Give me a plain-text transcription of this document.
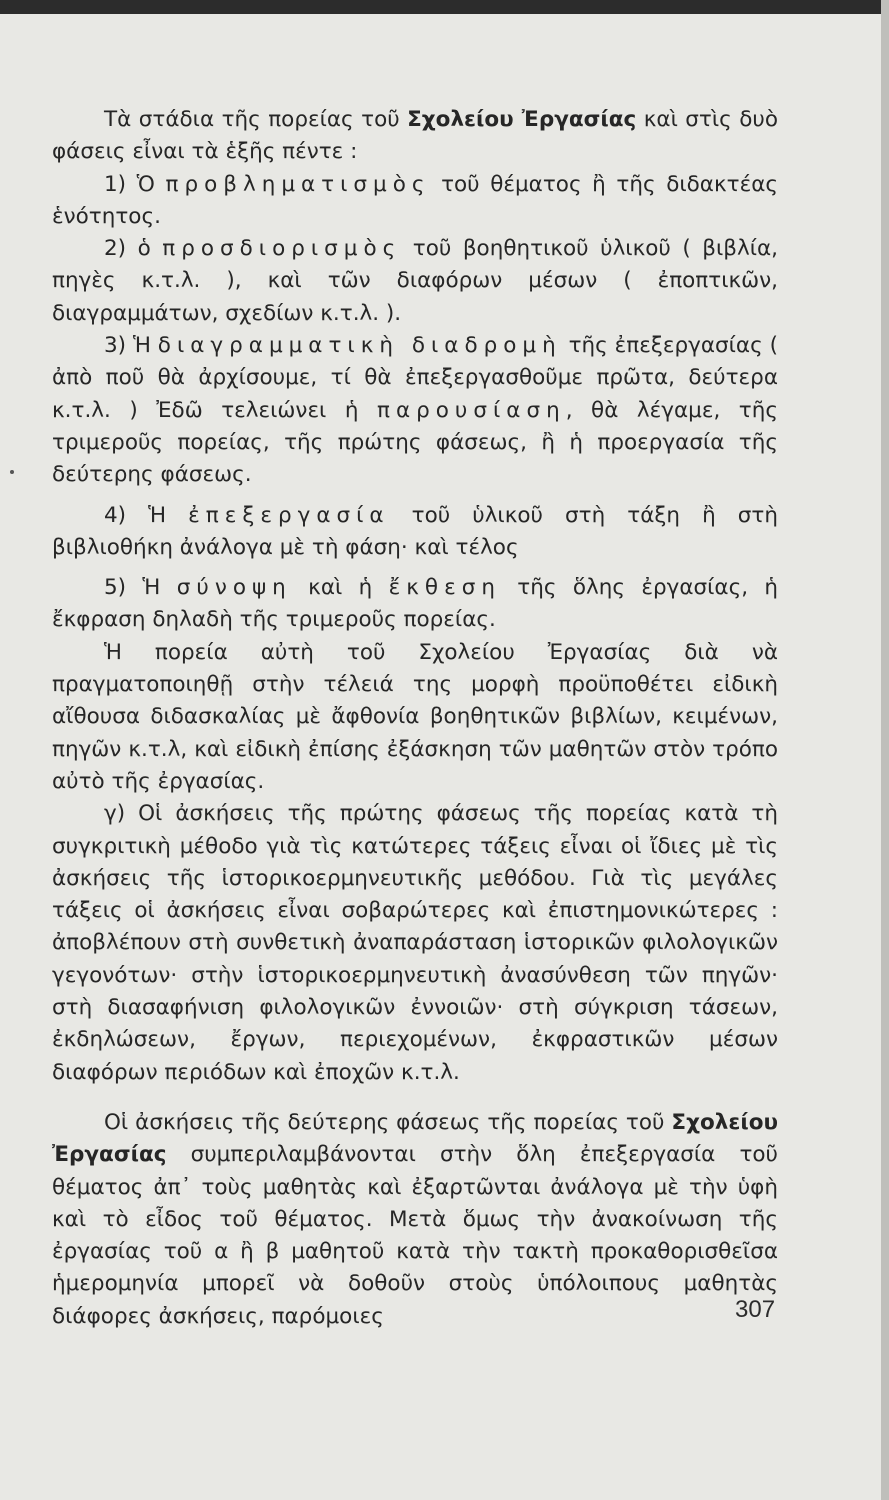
Τὰ στάδια τῆς πορείας τοῦ Σχολείου Ἐργασίας καὶ στὶς δυὸ φάσεις εἶναι τὰ ἑξῆς πέντε :

1) Ὁ προβληματισμὸς τοῦ θέματος ἢ τῆς διδακτέας ἑνότητος.

2) ὁ προσδιορισμὸς τοῦ βοηθητικοῦ ὑλικοῦ ( βιβλία, πηγὲς κ.τ.λ. ), καὶ τῶν διαφόρων μέσων ( ἐποπτικῶν, διαγραμμάτων, σχεδίων κ.τ.λ. ).

3) Ἡ διαγραμματικὴ διαδρομὴ τῆς ἐπεξεργασίας ( ἀπὸ ποῦ θὰ ἀρχίσουμε, τί θὰ ἐπεξεργασθοῦμε πρῶτα, δεύτερα κ.τ.λ. ) Ἐδῶ τελειώνει ἡ παρουσίαση, θὰ λέγαμε, τῆς τριμεροῦς πορείας, τῆς πρώτης φάσεως, ἢ ἡ προεργασία τῆς δεύτερης φάσεως.

4) Ἡ ἐπεξεργασία τοῦ ὑλικοῦ στὴ τάξη ἢ στὴ βιβλιοθήκη ἀνάλογα μὲ τὴ φάση· καὶ τέλος

5) Ἡ σύνοψη καὶ ἡ ἔκθεση τῆς ὅλης ἐργασίας, ἡ ἔκφραση δηλαδὴ τῆς τριμεροῦς πορείας.

Ἡ πορεία αὐτὴ τοῦ Σχολείου Ἐργασίας διὰ νὰ πραγματοποιηθῇ στὴν τέλειά της μορφὴ προϋποθέτει εἰδικὴ αἴθουσα διδασκαλίας μὲ ἄφθονία βοηθητικῶν βιβλίων, κειμένων, πηγῶν κ.τ.λ, καὶ εἰδικὴ ἐπίσης ἐξάσκηση τῶν μαθητῶν στὸν τρόπο αὐτὸ τῆς ἐργασίας.

γ) Οἱ ἀσκήσεις τῆς πρώτης φάσεως τῆς πορείας κατὰ τὴ συγκριτικὴ μέθοδο γιὰ τὶς κατώτερες τάξεις εἶναι οἱ ἴδιες μὲ τὶς ἀσκήσεις τῆς ἱστορικοερμηνευτικῆς μεθόδου. Γιὰ τὶς μεγάλες τάξεις οἱ ἀσκήσεις εἶναι σοβαρώτερες καὶ ἐπιστημονικώτερες : ἀποβλέπουν στὴ συνθετικὴ ἀναπαράσταση ἱστορικῶν φιλολογικῶν γεγονότων· στὴν ἱστορικοερμηνευτικὴ ἀνασύνθεση τῶν πηγῶν· στὴ διασαφήνιση φιλολογικῶν ἐννοιῶν· στὴ σύγκριση τάσεων, ἐκδηλώσεων, ἔργων, περιεχομένων, ἐκφραστικῶν μέσων διαφόρων περιόδων καὶ ἐποχῶν κ.τ.λ.

Οἱ ἀσκήσεις τῆς δεύτερης φάσεως τῆς πορείας τοῦ Σχολείου Ἐργασίας συμπεριλαμβάνονται στὴν ὅλη ἐπεξεργασία τοῦ θέματος ἀπ᾿ τοὺς μαθητὰς καὶ ἐξαρτῶνται ἀνάλογα μὲ τὴν ὑφὴ καὶ τὸ εἶδος τοῦ θέματος. Μετὰ ὅμως τὴν ἀνακοίνωση τῆς ἐργασίας τοῦ α ἢ β μαθητοῦ κατὰ τὴν τακτὴ προκαθορισθεῖσα ἡμερομηνία μπορεῖ νὰ δοθοῦν στοὺς ὑπόλοιπους μαθητὰς διάφορες ἀσκήσεις, παρόμοιες	307
